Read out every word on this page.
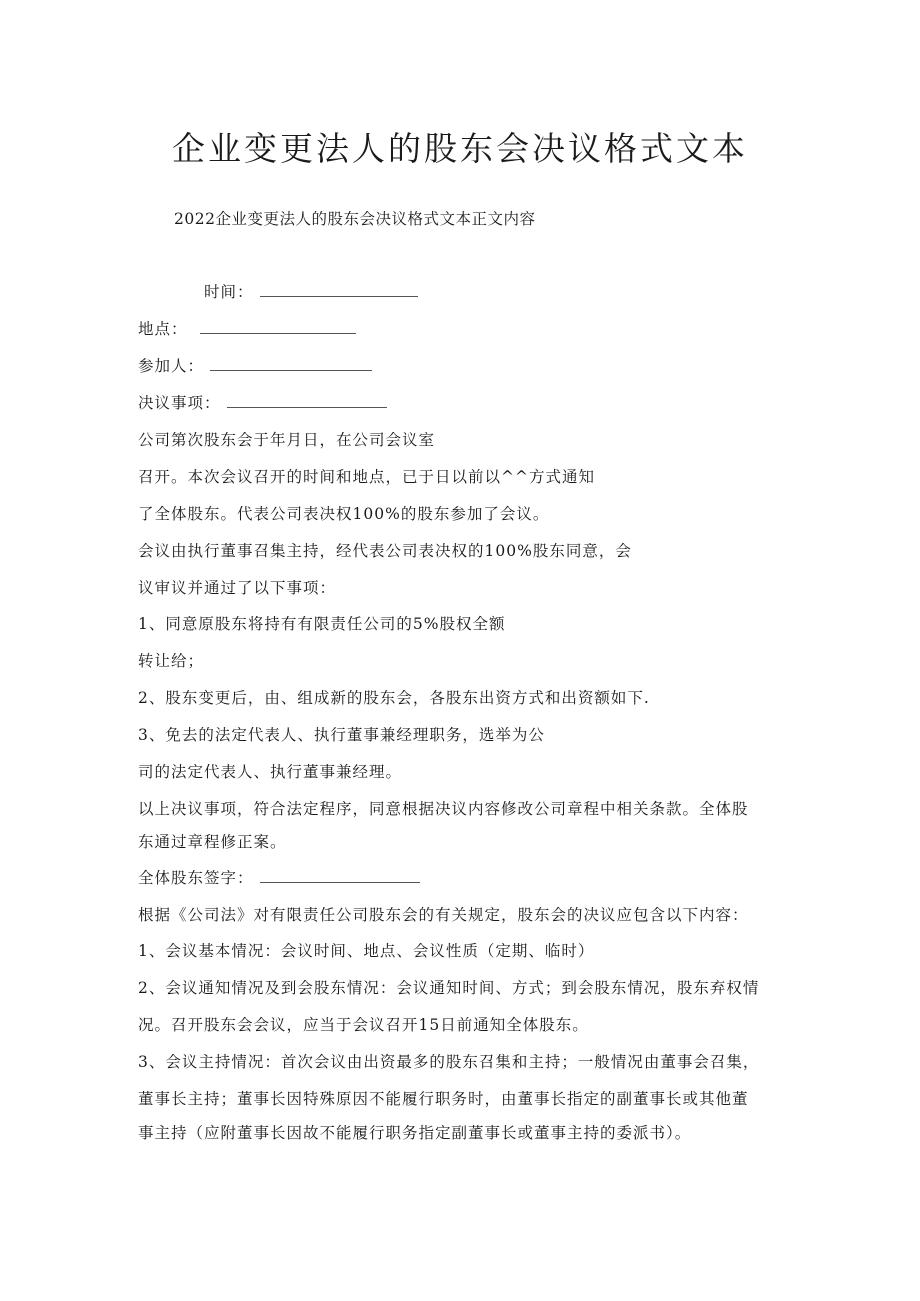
企业变更法人的股东会决议格式文本
2022企业变更法人的股东会决议格式文本正文内容
时间：
地点：
参加人：
决议事项：
公司第次股东会于年月日，在公司会议室
召开。本次会议召开的时间和地点，已于日以前以^^方式通知
了全体股东。代表公司表决权100%的股东参加了会议。
会议由执行董事召集主持，经代表公司表决权的100%股东同意，会
议审议并通过了以下事项：
1、同意原股东将持有有限责任公司的5%股权全额
转让给；
2、股东变更后，由、组成新的股东会，各股东出资方式和出资额如下.
3、免去的法定代表人、执行董事兼经理职务，选举为公
司的法定代表人、执行董事兼经理。
以上决议事项，符合法定程序，同意根据决议内容修改公司章程中相关条款。全体股
东通过章程修正案。
全体股东签字：
根据《公司法》对有限责任公司股东会的有关规定，股东会的决议应包含以下内容：
1、会议基本情况：会议时间、地点、会议性质（定期、临时）
2、会议通知情况及到会股东情况：会议通知时间、方式；到会股东情况，股东弃权情
况。召开股东会会议，应当于会议召开15日前通知全体股东。
3、会议主持情况：首次会议由出资最多的股东召集和主持；一般情况由董事会召集，
董事长主持；董事长因特殊原因不能履行职务时，由董事长指定的副董事长或其他董
事主持（应附董事长因故不能履行职务指定副董事长或董事主持的委派书）。
